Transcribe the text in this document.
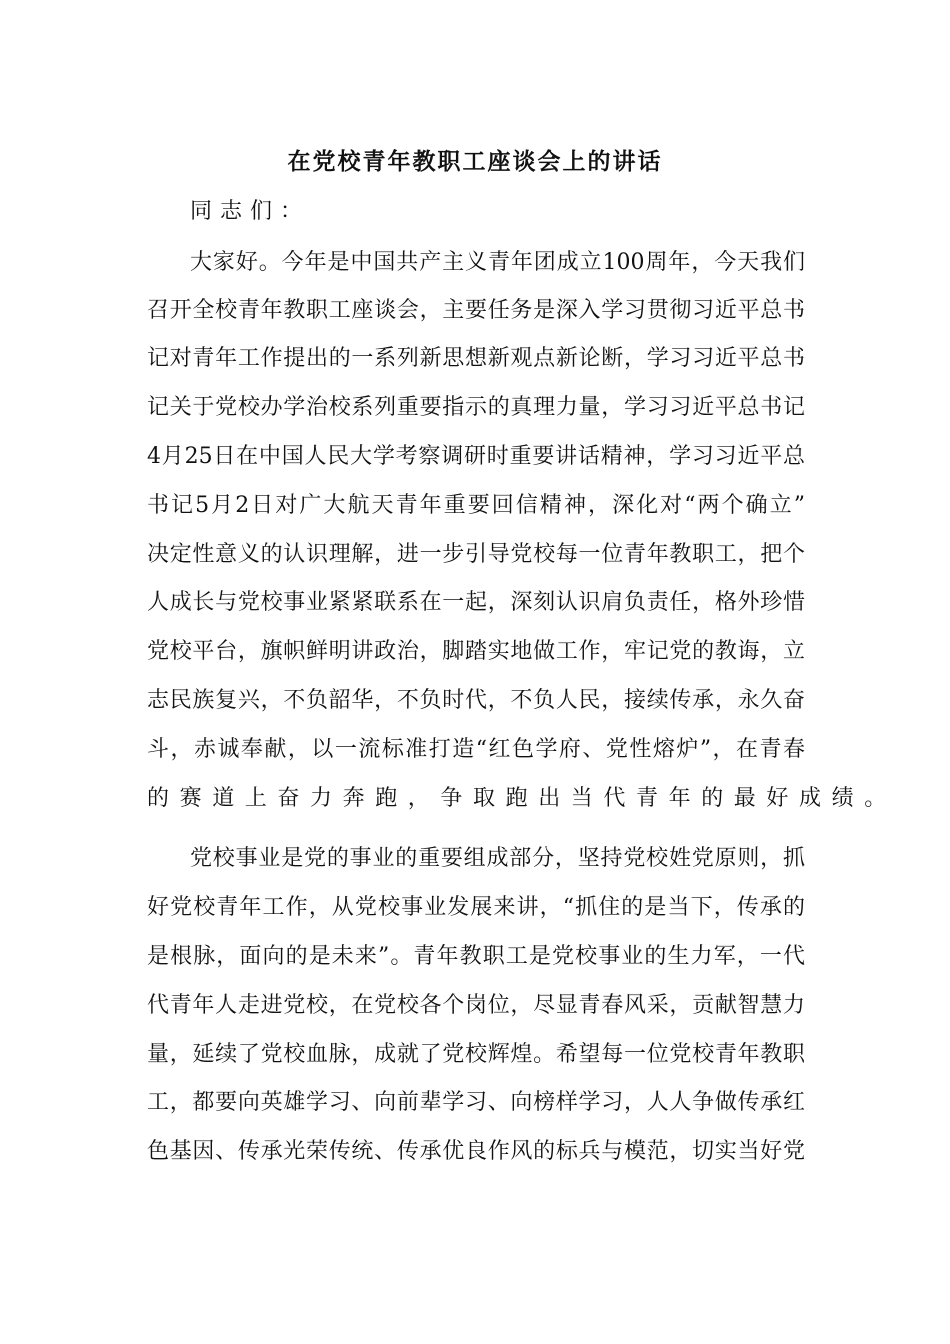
在党校青年教职工座谈会上的讲话
同志们：
大家好。今年是中国共产主义青年团成立100周年，今天我们
召开全校青年教职工座谈会，主要任务是深入学习贯彻习近平总书
记对青年工作提出的一系列新思想新观点新论断，学习习近平总书
记关于党校办学治校系列重要指示的真理力量，学习习近平总书记
4月25日在中国人民大学考察调研时重要讲话精神，学习习近平总
书记5月2日对广大航天青年重要回信精神，深化对“两个确立”
决定性意义的认识理解，进一步引导党校每一位青年教职工，把个
人成长与党校事业紧紧联系在一起，深刻认识肩负责任，格外珍惜
党校平台，旗帜鲜明讲政治，脚踏实地做工作，牢记党的教诲，立
志民族复兴，不负韶华，不负时代，不负人民，接续传承，永久奋
斗，赤诚奉献，以一流标准打造“红色学府、党性熔炉”，在青春
的赛道上奋力奔跑，争取跑出当代青年的最好成绩。
党校事业是党的事业的重要组成部分，坚持党校姓党原则，抓
好党校青年工作，从党校事业发展来讲，“抓住的是当下，传承的
是根脉，面向的是未来”。青年教职工是党校事业的生力军，一代
代青年人走进党校，在党校各个岗位，尽显青春风采，贡献智慧力
量，延续了党校血脉，成就了党校辉煌。希望每一位党校青年教职
工，都要向英雄学习、向前辈学习、向榜样学习，人人争做传承红
色基因、传承光荣传统、传承优良作风的标兵与模范，切实当好党
